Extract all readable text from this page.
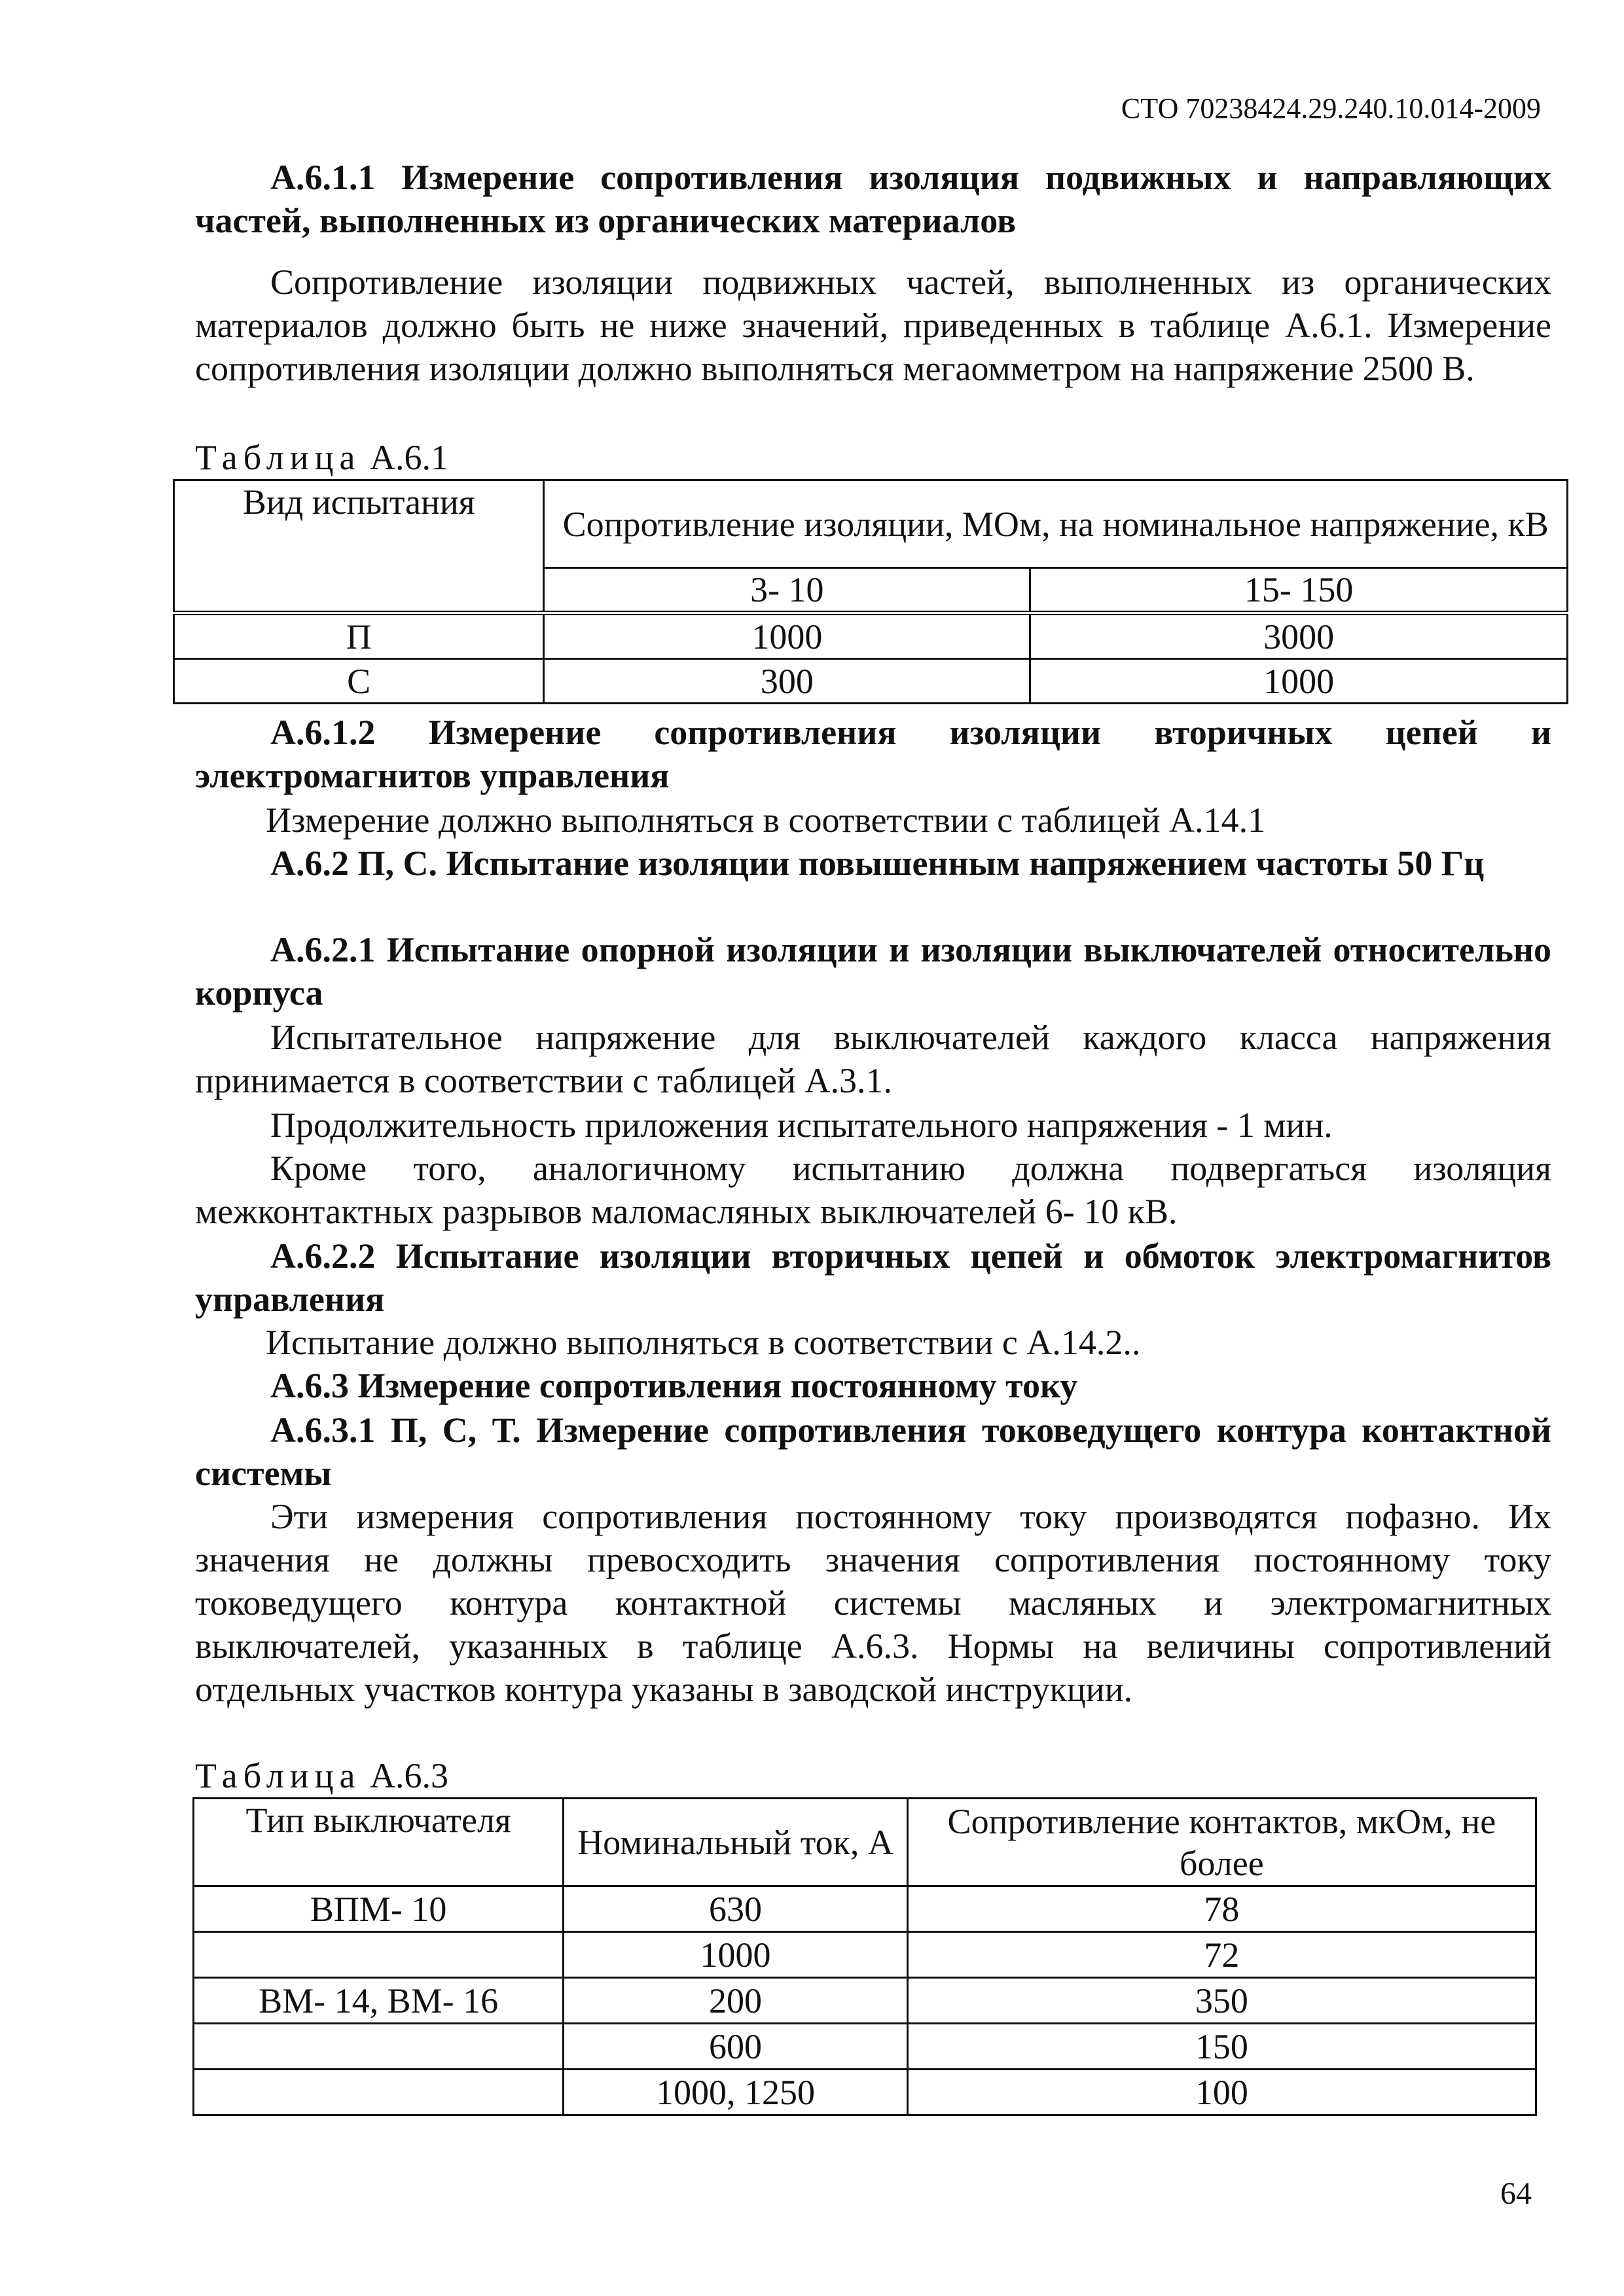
СТО 70238424.29.240.10.014-2009
А.6.1.1 Измерение сопротивления изоляция подвижных и направляющих частей, выполненных из органических материалов
Сопротивление изоляции подвижных частей, выполненных из органических материалов должно быть не ниже значений, приведенных в таблице А.6.1. Измерение сопротивления изоляции должно выполняться мегаомметром на напряжение 2500 В.
Таблица А.6.1
Вид испытания	Сопротивление изоляции, МОм, на номинальное напряжение, кВ	
	3- 10	15- 150
П	1000	3000
С	300	1000
А.6.1.2 Измерение сопротивления изоляции вторичных цепей и электромагнитов управления
Измерение должно выполняться в соответствии с таблицей А.14.1
А.6.2 П, С. Испытание изоляции повышенным напряжением частоты 50 Гц
А.6.2.1 Испытание опорной изоляции и изоляции выключателей относительно корпуса
Испытательное напряжение для выключателей каждого класса напряжения принимается в соответствии с таблицей А.3.1.
Продолжительность приложения испытательного напряжения - 1 мин.
Кроме того, аналогичному испытанию должна подвергаться изоляция межконтактных разрывов маломасляных выключателей 6- 10 кВ.
А.6.2.2 Испытание изоляции вторичных цепей и обмоток электромагнитов управления
Испытание должно выполняться в соответствии с А.14.2..
А.6.3 Измерение сопротивления постоянному току
А.6.3.1 П, С, Т. Измерение сопротивления токоведущего контура контактной системы
Эти измерения сопротивления постоянному току производятся пофазно. Их значения не должны превосходить значения сопротивления постоянному току токоведущего контура контактной системы масляных и электромагнитных выключателей, указанных в таблице А.6.3. Нормы на величины сопротивлений отдельных участков контура указаны в заводской инструкции.
Таблица А.6.3
Тип выключателя	Номинальный ток, А	Сопротивление контактов, мкОм, не более
ВПМ- 10	630	78
	1000	72
ВМ- 14, ВМ- 16	200	350
	600	150
	1000, 1250	100
64
